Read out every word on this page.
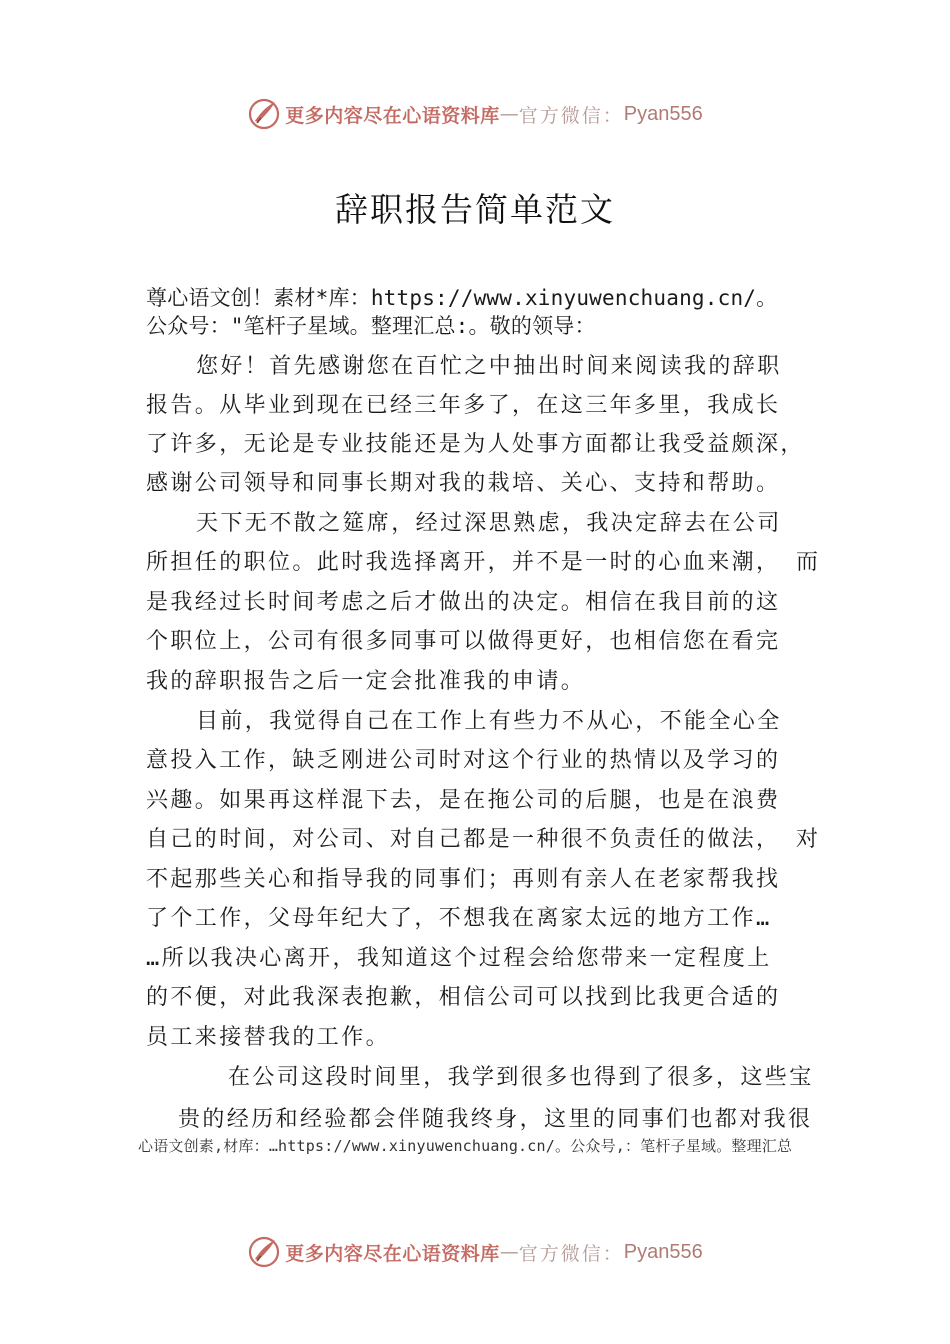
更多内容尽在心语资料库 — 官方微信： Pyan556
辞职报告简单范文
尊心语文创！素材*库：https://www.xinyuwenchuang.cn/。
公众号："笔杆子星域。整理汇总:。敬的领导：
您好！首先感谢您在百忙之中抽出时间来阅读我的辞职
报告。从毕业到现在已经三年多了，在这三年多里，我成长
了许多，无论是专业技能还是为人处事方面都让我受益颇深，
感谢公司领导和同事长期对我的栽培、关心、支持和帮助。
天下无不散之筵席，经过深思熟虑，我决定辞去在公司
所担任的职位。此时我选择离开，并不是一时的心血来潮， 而
是我经过长时间考虑之后才做出的决定。相信在我目前的这
个职位上，公司有很多同事可以做得更好，也相信您在看完
我的辞职报告之后一定会批准我的申请。
目前，我觉得自己在工作上有些力不从心，不能全心全
意投入工作，缺乏刚进公司时对这个行业的热情以及学习的
兴趣。如果再这样混下去，是在拖公司的后腿，也是在浪费
自己的时间，对公司、对自己都是一种很不负责任的做法， 对
不起那些关心和指导我的同事们；再则有亲人在老家帮我找
了个工作，父母年纪大了，不想我在离家太远的地方工作…
…所以我决心离开，我知道这个过程会给您带来一定程度上
的不便，对此我深表抱歉，相信公司可以找到比我更合适的
员工来接替我的工作。
在公司这段时间里，我学到很多也得到了很多，这些宝
贵的经历和经验都会伴随我终身，这里的同事们也都对我很
心语文创素,材库：…https://www.xinyuwenchuang.cn/。公众号,：笔杆子星域。整理汇总
更多内容尽在心语资料库 — 官方微信： Pyan556
